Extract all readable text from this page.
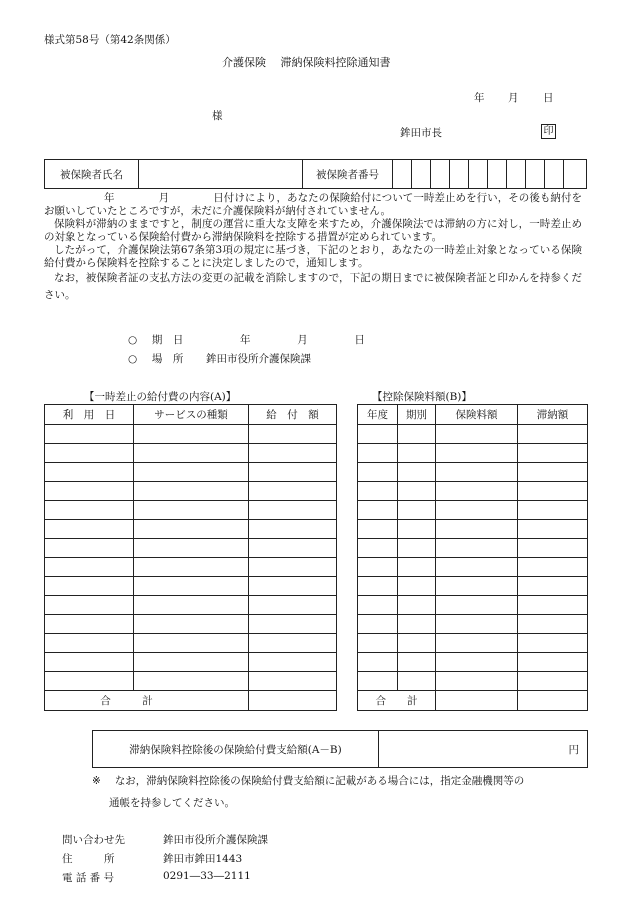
様式第58号（第42条関係）
介護保険　 滞納保険料控除通知書
年 月 日
様
鉾田市長	印
被保険者氏名		被保険者番号										
年	月	日付けにより，あなたの保険給付について一時差止めを行い，その後も納付をお願いしていたところですが，未だに介護保険料が納付されていません。
保険料が滞納のままですと，制度の運営に重大な支障を来すため，介護保険法では滞納の方に対し，一時差止めの対象となっている保険給付費から滞納保険料を控除する措置が定められています。
したがって，介護保険法第67条第3項の規定に基づき，下記のとおり，あなたの一時差止対象となっている保険給付費から保険料を控除することに決定しましたので，通知します。
なお，被保険者証の支払方法の変更の記載を消除しますので，下記の期日までに被保険者証と印かんを持参ください。
○ 期　日	年	月	日
○ 場　所 鉾田市役所介護保険課
【一時差止の給付費の内容(A)】	【控除保険料額(B)】
利　用　日	サービスの種類	給　付　額

合　　　計		
年度	期別	保険料額	滞納額

合　　計			
滞納保険料控除後の保険給付費支給額(A－B)	円
※ なお，滞納保険料控除後の保険給付費支給額に記載がある場合には，指定金融機関等の
通帳を持参してください。
問い合わせ先	鉾田市役所介護保険課
住　　　所	鉾田市鉾田1443
電 話 番 号	0291―33―2111
